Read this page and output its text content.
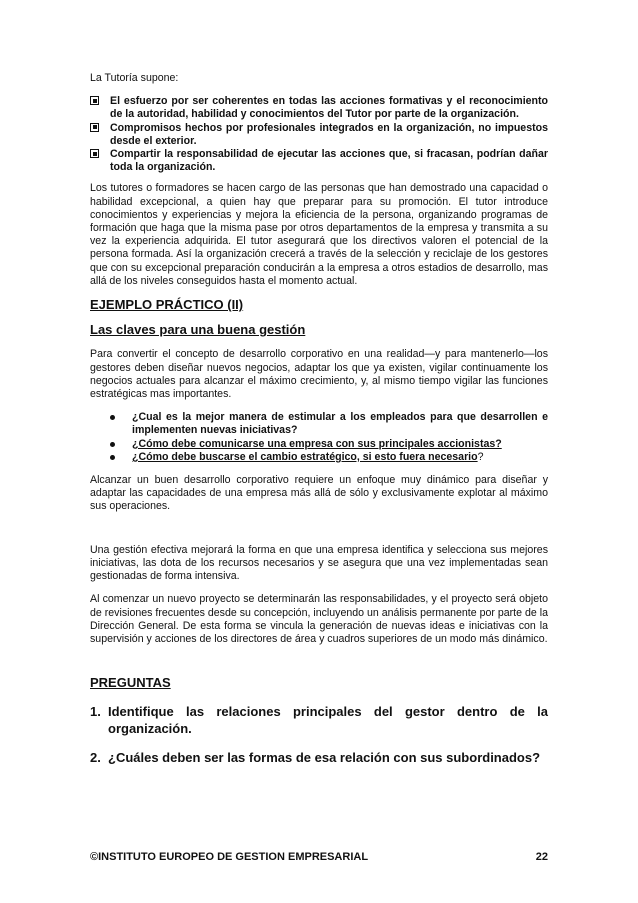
La Tutoría supone:

El esfuerzo por ser coherentes en todas las acciones formativas y el reconocimiento de la autoridad, habilidad y conocimientos del Tutor por parte de la organización.
Compromisos hechos por profesionales integrados en la organización, no impuestos desde el exterior.
Compartir la responsabilidad de ejecutar las acciones que, si fracasan, podrían dañar toda la organización.

Los tutores o formadores se hacen cargo de las personas que han demostrado una capacidad o habilidad excepcional, a quien hay que preparar para su promoción. El tutor introduce conocimientos y experiencias y mejora la eficiencia de la persona, organizando programas de formación que haga que la misma pase por otros departamentos de la empresa y transmita a su vez la experiencia adquirida. El tutor asegurará que los directivos valoren el potencial de la persona formada. Así la organización crecerá a través de la selección y reciclaje de los gestores que con su excepcional preparación conducirán a la empresa a otros estadios de desarrollo, mas allá de los niveles conseguidos hasta el momento actual.

EJEMPLO PRÁCTICO (II)
Las claves para una buena gestión

Para convertir el concepto de desarrollo corporativo en una realidad—y para mantenerlo—los gestores deben diseñar nuevos negocios, adaptar los que ya existen, vigilar continuamente los negocios actuales para alcanzar el máximo crecimiento, y, al mismo tiempo vigilar las funciones estratégicas mas importantes.

¿Cual es la mejor manera de estimular a los empleados para que desarrollen e implementen nuevas iniciativas?
¿Cómo debe comunicarse una empresa con sus principales accionistas?
¿Cómo debe buscarse el cambio estratégico, si esto fuera necesario?

Alcanzar un buen desarrollo corporativo requiere un enfoque muy dinámico para diseñar y adaptar las capacidades de una empresa más allá de sólo y exclusivamente explotar al máximo sus operaciones.

Una gestión efectiva mejorará la forma en que una empresa identifica y selecciona sus mejores iniciativas, las dota de los recursos necesarios y se asegura que una vez implementadas sean gestionadas de forma intensiva.

Al comenzar un nuevo proyecto se determinarán las responsabilidades, y el proyecto será objeto de revisiones frecuentes desde su concepción, incluyendo un análisis permanente por parte de la Dirección General. De esta forma se vincula la generación de nuevas ideas e iniciativas con la supervisión y acciones de los directores de área y cuadros superiores de un modo más dinámico.

PREGUNTAS
1. Identifique las relaciones principales del gestor dentro de la organización.
2. ¿Cuáles deben ser las formas de esa relación con sus subordinados?
©INSTITUTO EUROPEO DE GESTION EMPRESARIAL	22
